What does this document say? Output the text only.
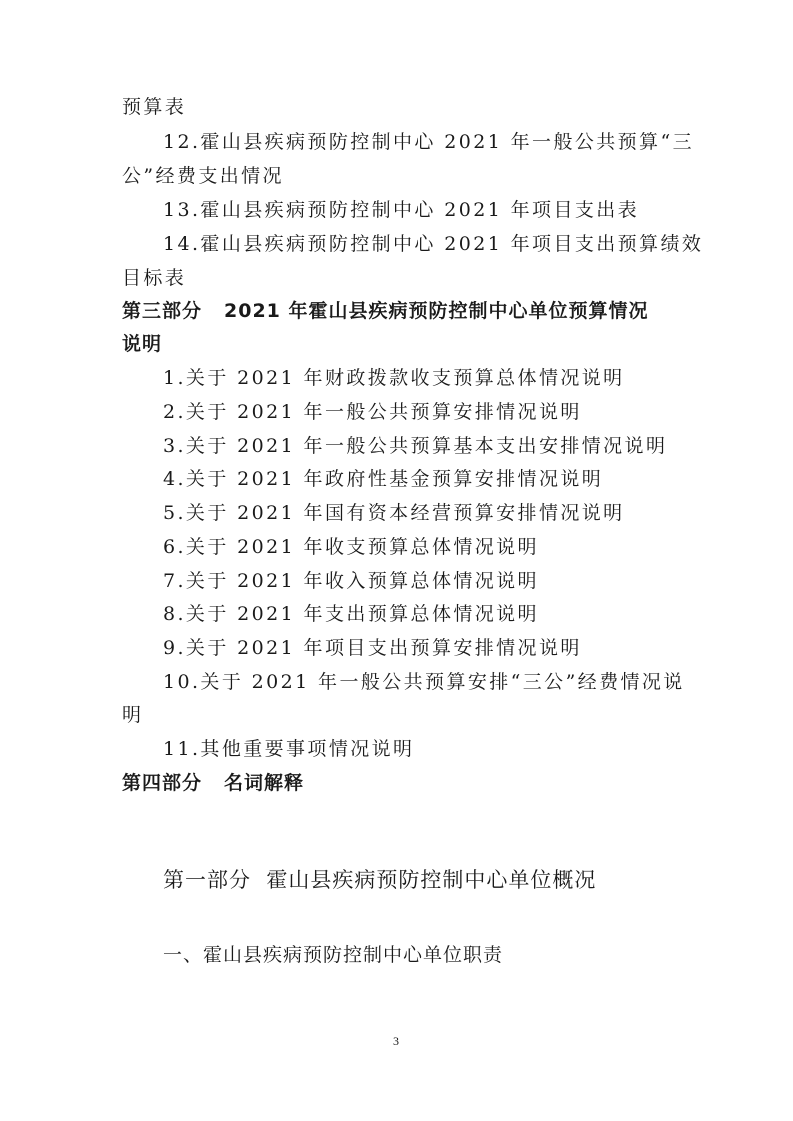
预算表
12.霍山县疾病预防控制中心 2021 年一般公共预算“三
公”经费支出情况
13.霍山县疾病预防控制中心 2021 年项目支出表
14.霍山县疾病预防控制中心 2021 年项目支出预算绩效
目标表
第三部分 2021 年霍山县疾病预防控制中心单位预算情况
说明
1.关于 2021 年财政拨款收支预算总体情况说明
2.关于 2021 年一般公共预算安排情况说明
3.关于 2021 年一般公共预算基本支出安排情况说明
4.关于 2021 年政府性基金预算安排情况说明
5.关于 2021 年国有资本经营预算安排情况说明
6.关于 2021 年收支预算总体情况说明
7.关于 2021 年收入预算总体情况说明
8.关于 2021 年支出预算总体情况说明
9.关于 2021 年项目支出预算安排情况说明
10.关于 2021 年一般公共预算安排“三公”经费情况说
明
11.其他重要事项情况说明
第四部分 名词解释
第一部分  霍山县疾病预防控制中心单位概况
一、霍山县疾病预防控制中心单位职责
3
